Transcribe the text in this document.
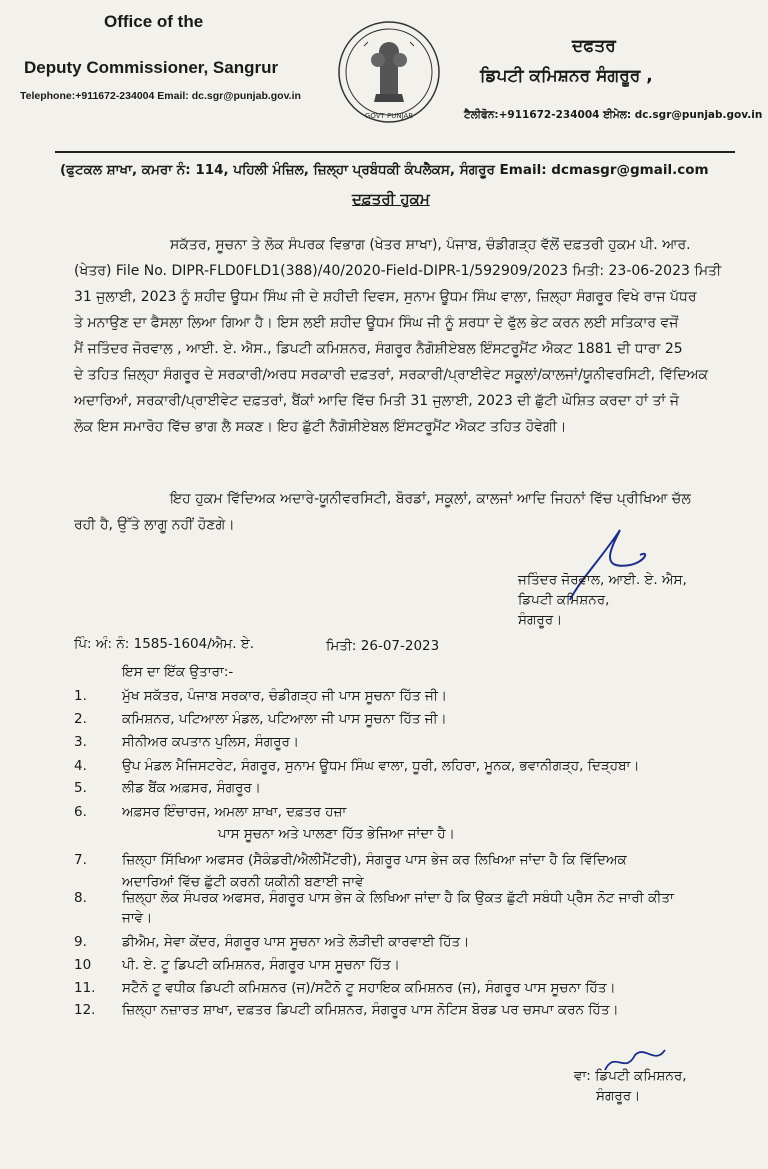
Office of the
Deputy Commissioner, Sangrur
Telephone:+911672-234004 Email: dc.sgr@punjab.gov.in
GOVT PUNJAB
ਦਫਤਰ
ਡਿਪਟੀ ਕਮਿਸ਼ਨਰ ਸੰਗਰੂਰ ,
ਟੈਲੀਫੋਨ:+911672-234004 ਈਮੇਲ: dc.sgr@punjab.gov.in
(ਫੁਟਕਲ ਸ਼ਾਖਾ, ਕਮਰਾ ਨੰ: 114, ਪਹਿਲੀ ਮੰਜ਼ਿਲ, ਜ਼ਿਲ੍ਹਾ ਪ੍ਰਬੰਧਕੀ ਕੰਪਲੈਕਸ, ਸੰਗਰੂਰ Email: dcmasgr@gmail.com
ਦਫ਼ਤਰੀ ਹੁਕਮ
ਸਕੱਤਰ, ਸੂਚਨਾ ਤੇ ਲੋਕ ਸੰਪਰਕ ਵਿਭਾਗ (ਖੇਤਰ ਸ਼ਾਖਾ), ਪੰਜਾਬ, ਚੰਡੀਗੜ੍ਹ ਵੱਲੋਂ ਦਫ਼ਤਰੀ ਹੁਕਮ ਪੀ. ਆਰ.
(ਖੇਤਰ) File No. DIPR-FLD0FLD1(388)/40/2020-Field-DIPR-1/592909/2023 ਮਿਤੀ: 23-06-2023 ਮਿਤੀ
31 ਜੁਲਾਈ, 2023 ਨੂੰ ਸ਼ਹੀਦ ਊਧਮ ਸਿੰਘ ਜੀ ਦੇ ਸ਼ਹੀਦੀ ਦਿਵਸ, ਸੁਨਾਮ ਊਧਮ ਸਿੰਘ ਵਾਲਾ, ਜ਼ਿਲ੍ਹਾ ਸੰਗਰੂਰ ਵਿਖੇ ਰਾਜ ਪੱਧਰ
ਤੇ ਮਨਾਉਣ ਦਾ ਫੈਸਲਾ ਲਿਆ ਗਿਆ ਹੈ। ਇਸ ਲਈ ਸ਼ਹੀਦ ਊਧਮ ਸਿੰਘ ਜੀ ਨੂੰ ਸ਼ਰਧਾ ਦੇ ਫੁੱਲ ਭੇਟ ਕਰਨ ਲਈ ਸਤਿਕਾਰ ਵਜੋਂ
ਮੈਂ ਜਤਿੰਦਰ ਜੋਰਵਾਲ , ਆਈ. ਏ. ਐਸ., ਡਿਪਟੀ ਕਮਿਸ਼ਨਰ, ਸੰਗਰੂਰ ਨੈਗੋਸ਼ੀਏਬਲ ਇੰਸਟਰੂਮੈਂਟ ਐਕਟ 1881 ਦੀ ਧਾਰਾ 25
ਦੇ ਤਹਿਤ ਜ਼ਿਲ੍ਹਾ ਸੰਗਰੂਰ ਦੇ ਸਰਕਾਰੀ/ਅਰਧ ਸਰਕਾਰੀ ਦਫ਼ਤਰਾਂ, ਸਰਕਾਰੀ/ਪ੍ਰਾਈਵੇਟ ਸਕੂਲਾਂ/ਕਾਲਜਾਂ/ਯੂਨੀਵਰਸਿਟੀ, ਵਿੱਦਿਅਕ
ਅਦਾਰਿਆਂ, ਸਰਕਾਰੀ/ਪ੍ਰਾਈਵੇਟ ਦਫ਼ਤਰਾਂ, ਬੈਂਕਾਂ ਆਦਿ ਵਿੱਚ ਮਿਤੀ 31 ਜੁਲਾਈ, 2023 ਦੀ ਛੁੱਟੀ ਘੋਸ਼ਿਤ ਕਰਦਾ ਹਾਂ ਤਾਂ ਜੋ
ਲੋਕ ਇਸ ਸਮਾਰੋਹ ਵਿੱਚ ਭਾਗ ਲੈ ਸਕਣ। ਇਹ ਛੁੱਟੀ ਨੈਗੋਸ਼ੀਏਬਲ ਇੰਸਟਰੂਮੈਂਟ ਐਕਟ ਤਹਿਤ ਹੋਵੇਗੀ।
ਇਹ ਹੁਕਮ ਵਿੱਦਿਅਕ ਅਦਾਰੇ-ਯੂਨੀਵਰਸਿਟੀ, ਬੋਰਡਾਂ, ਸਕੂਲਾਂ, ਕਾਲਜਾਂ ਆਦਿ ਜਿਹਨਾਂ ਵਿੱਚ ਪ੍ਰੀਖਿਆ ਚੱਲ
ਰਹੀ ਹੈ, ਉੱਤੇ ਲਾਗੂ ਨਹੀਂ ਹੋਣਗੇ।
ਜਤਿੰਦਰ ਜੋਰਵਾਲ, ਆਈ. ਏ. ਐਸ,
ਡਿਪਟੀ ਕਮਿਸ਼ਨਰ,
ਸੰਗਰੂਰ।
ਪਿੰ: ਅੰ: ਨੰ: 1585-1604/ਐਮ. ਏ.	ਮਿਤੀ: 26-07-2023
ਇਸ ਦਾ ਇੱਕ ਉਤਾਰਾ:-
1.	ਮੁੱਖ ਸਕੱਤਰ, ਪੰਜਾਬ ਸਰਕਾਰ, ਚੰਡੀਗੜ੍ਹ ਜੀ ਪਾਸ ਸੂਚਨਾ ਹਿੱਤ ਜੀ।
2.	ਕਮਿਸ਼ਨਰ, ਪਟਿਆਲਾ ਮੰਡਲ, ਪਟਿਆਲਾ ਜੀ ਪਾਸ ਸੂਚਨਾ ਹਿੱਤ ਜੀ।
3.	ਸੀਨੀਅਰ ਕਪਤਾਨ ਪੁਲਿਸ, ਸੰਗਰੂਰ।
4.	ਉਪ ਮੰਡਲ ਮੈਜਿਸਟਰੇਟ, ਸੰਗਰੂਰ, ਸੁਨਾਮ ਊਧਮ ਸਿੰਘ ਵਾਲਾ, ਧੂਰੀ, ਲਹਿਰਾ, ਮੂਨਕ, ਭਵਾਨੀਗੜ੍ਹ, ਦਿੜ੍ਹਬਾ।
5.	ਲੀਡ ਬੈਂਕ ਅਫ਼ਸਰ, ਸੰਗਰੂਰ।
6.	ਅਫ਼ਸਰ ਇੰਚਾਰਜ, ਅਮਲਾ ਸ਼ਾਖਾ, ਦਫ਼ਤਰ ਹਜ਼ਾ
ਪਾਸ ਸੂਚਨਾ ਅਤੇ ਪਾਲਣਾ ਹਿੱਤ ਭੇਜਿਆ ਜਾਂਦਾ ਹੈ।
7.	ਜ਼ਿਲ੍ਹਾ ਸਿੱਖਿਆ ਅਫਸਰ (ਸੈਕੰਡਰੀ/ਐਲੀਮੈਂਟਰੀ), ਸੰਗਰੂਰ ਪਾਸ ਭੇਜ ਕਰ ਲਿਖਿਆ ਜਾਂਦਾ ਹੈ ਕਿ ਵਿੱਦਿਅਕ
ਅਦਾਰਿਆਂ ਵਿੱਚ ਛੁੱਟੀ ਕਰਨੀ ਯਕੀਨੀ ਬਣਾਈ ਜਾਵੇ
8.	ਜ਼ਿਲ੍ਹਾ ਲੋਕ ਸੰਪਰਕ ਅਫਸਰ, ਸੰਗਰੂਰ ਪਾਸ ਭੇਜ ਕੇ ਲਿਖਿਆ ਜਾਂਦਾ ਹੈ ਕਿ ਉਕਤ ਛੁੱਟੀ ਸਬੰਧੀ ਪ੍ਰੈਸ ਨੋਟ ਜਾਰੀ ਕੀਤਾ
ਜਾਵੇ।
9.	ਡੀਐਮ, ਸੇਵਾ ਕੇਂਦਰ, ਸੰਗਰੂਰ ਪਾਸ ਸੂਚਨਾ ਅਤੇ ਲੋੜੀਦੀ ਕਾਰਵਾਈ ਹਿੱਤ।
10 ਪੀ. ਏ. ਟੂ ਡਿਪਟੀ ਕਮਿਸ਼ਨਰ, ਸੰਗਰੂਰ ਪਾਸ ਸੂਚਨਾ ਹਿੱਤ।
11. ਸਟੈਨੋ ਟੂ ਵਧੀਕ ਡਿਪਟੀ ਕਮਿਸ਼ਨਰ (ਜ)/ਸਟੈਨੋ ਟੂ ਸਹਾਇਕ ਕਮਿਸ਼ਨਰ (ਜ), ਸੰਗਰੂਰ ਪਾਸ ਸੂਚਨਾ ਹਿੱਤ।
12. ਜ਼ਿਲ੍ਹਾ ਨਜ਼ਾਰਤ ਸ਼ਾਖਾ, ਦਫ਼ਤਰ ਡਿਪਟੀ ਕਮਿਸ਼ਨਰ, ਸੰਗਰੂਰ ਪਾਸ ਨੋਟਿਸ ਬੋਰਡ ਪਰ ਚਸਪਾ ਕਰਨ ਹਿੱਤ।
ਵਾ: ਡਿਪਟੀ ਕਮਿਸ਼ਨਰ,
ਸੰਗਰੂਰ।
